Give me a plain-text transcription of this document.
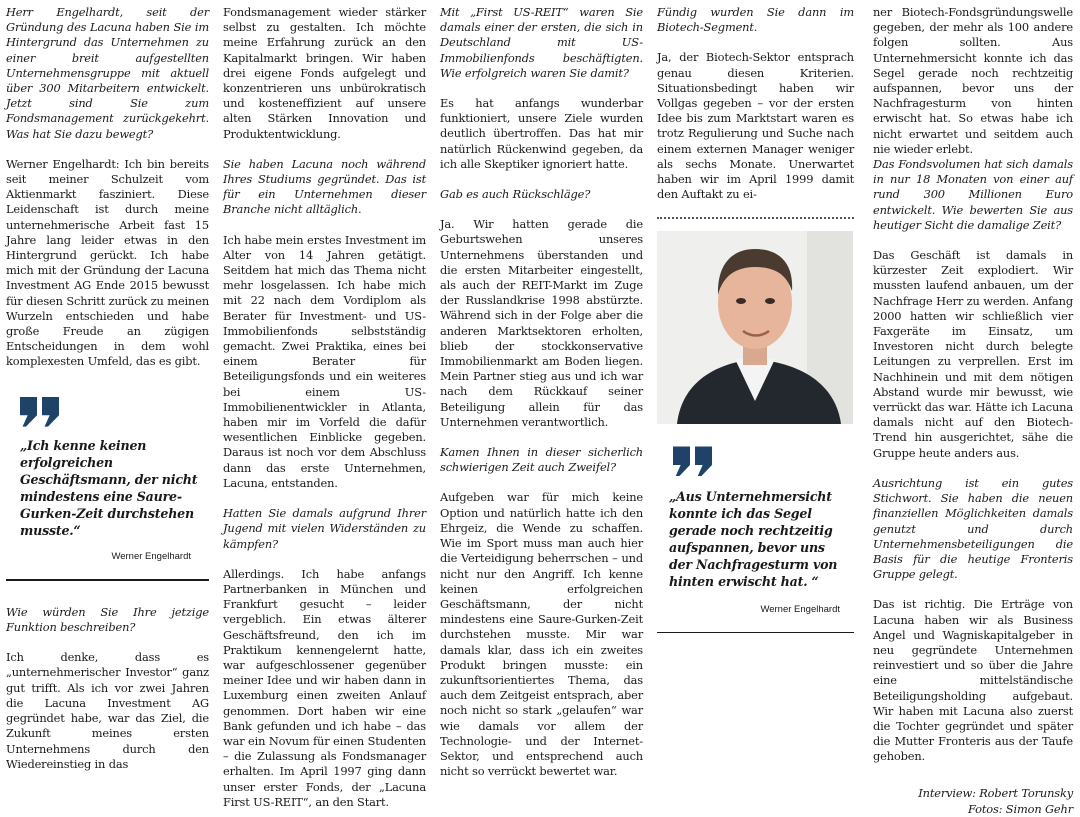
Herr Engelhardt, seit der Gründung des Lacuna haben Sie im Hintergrund das Unternehmen zu einer breit aufgestellten Unternehmensgruppe mit aktuell über 300 Mitarbeitern entwickelt. Jetzt sind Sie zum Fondsmanagement zurückgekehrt. Was hat Sie dazu bewegt?

Werner Engelhardt: Ich bin bereits seit meiner Schulzeit vom Aktienmarkt fasziniert. Diese Leidenschaft ist durch meine unternehmerische Arbeit fast 15 Jahre lang leider etwas in den Hintergrund gerückt. Ich habe mich mit der Gründung der Lacuna Investment AG Ende 2015 bewusst für diesen Schritt zurück zu meinen Wurzeln entschieden und habe große Freude an zügigen Entscheidungen in dem wohl komplexesten Umfeld, das es gibt.

„Ich kenne keinen erfolgreichen Geschäftsmann, der nicht mindestens eine Saure-Gurken-Zeit durchstehen musste.“
Werner Engelhardt

Wie würden Sie Ihre jetzige Funktion beschreiben?

Ich denke, dass es „unternehmerischer Investor“ ganz gut trifft. Als ich vor zwei Jahren die Lacuna Investment AG gegründet habe, war das Ziel, die Zukunft meines ersten Unternehmens durch den Wiedereinstieg in das

Fondsmanagement wieder stärker selbst zu gestalten. Ich möchte meine Erfahrung zurück an den Kapitalmarkt bringen. Wir haben drei eigene Fonds aufgelegt und konzentrieren uns unbürokratisch und kosteneffizient auf unsere alten Stärken Innovation und Produktentwicklung.

Sie haben Lacuna noch während Ihres Studiums gegründet. Das ist für ein Unternehmen dieser Branche nicht alltäglich.

Ich habe mein erstes Investment im Alter von 14 Jahren getätigt. Seitdem hat mich das Thema nicht mehr losgelassen. Ich habe mich mit 22 nach dem Vordiplom als Berater für Investment- und US-Immobilienfonds selbstständig gemacht. Zwei Praktika, eines bei einem Berater für Beteiligungsfonds und ein weiteres bei einem US-Immobilienentwickler in Atlanta, haben mir im Vorfeld die dafür wesentlichen Einblicke gegeben. Daraus ist noch vor dem Abschluss dann das erste Unternehmen, Lacuna, entstanden.

Hatten Sie damals aufgrund Ihrer Jugend mit vielen Widerständen zu kämpfen?

Allerdings. Ich habe anfangs Partnerbanken in München und Frankfurt gesucht – leider vergeblich. Ein etwas älterer Geschäftsfreund, den ich im Praktikum kennengelernt hatte, war aufgeschlossener gegenüber meiner Idee und wir haben dann in Luxemburg einen zweiten Anlauf genommen. Dort haben wir eine Bank gefunden und ich habe – das war ein Novum für einen Studenten – die Zulassung als Fondsmanager erhalten. Im April 1997 ging dann unser erster Fonds, der „Lacuna First US-REIT“, an den Start.

Mit „First US-REIT“ waren Sie damals einer der ersten, die sich in Deutschland mit US-Immobilienfonds beschäftigten. Wie erfolgreich waren Sie damit?

Es hat anfangs wunderbar funktioniert, unsere Ziele wurden deutlich übertroffen. Das hat mir natürlich Rückenwind gegeben, da ich alle Skeptiker ignoriert hatte.

Gab es auch Rückschläge?

Ja. Wir hatten gerade die Geburtswehen unseres Unternehmens überstanden und die ersten Mitarbeiter eingestellt, als auch der REIT-Markt im Zuge der Russlandkrise 1998 abstürzte. Während sich in der Folge aber die anderen Marktsektoren erholten, blieb der stockkonservative Immobilienmarkt am Boden liegen. Mein Partner stieg aus und ich war nach dem Rückkauf seiner Beteiligung allein für das Unternehmen verantwortlich.

Kamen Ihnen in dieser sicherlich schwierigen Zeit auch Zweifel?

Aufgeben war für mich keine Option und natürlich hatte ich den Ehrgeiz, die Wende zu schaffen. Wie im Sport muss man auch hier die Verteidigung beherrschen – und nicht nur den Angriff. Ich kenne keinen erfolgreichen Geschäftsmann, der nicht mindestens eine Saure-Gurken-Zeit durchstehen musste. Mir war damals klar, dass ich ein zweites Produkt bringen musste: ein zukunftsorientiertes Thema, das auch dem Zeitgeist entsprach, aber noch nicht so stark „gelaufen“ war wie damals vor allem der Technologie- und der Internet-Sektor, und entsprechend auch nicht so verrückt bewertet war.

Fündig wurden Sie dann im Biotech-Segment.

Ja, der Biotech-Sektor entsprach genau diesen Kriterien. Situationsbedingt haben wir Vollgas gegeben – vor der ersten Idee bis zum Marktstart waren es trotz Regulierung und Suche nach einem externen Manager weniger als sechs Monate. Unerwartet haben wir im April 1999 damit den Auftakt zu ei-

„Aus Unternehmersicht konnte ich das Segel gerade noch rechtzeitig aufspannen, bevor uns der Nachfragesturm von hinten erwischt hat. “
Werner Engelhardt

ner Biotech-Fondsgründungswelle gegeben, der mehr als 100 andere folgen sollten. Aus Unternehmersicht konnte ich das Segel gerade noch rechtzeitig aufspannen, bevor uns der Nachfragesturm von hinten erwischt hat. So etwas habe ich nicht erwartet und seitdem auch nie wieder erlebt.

Das Fondsvolumen hat sich damals in nur 18 Monaten von einer auf rund 300 Millionen Euro entwickelt. Wie bewerten Sie aus heutiger Sicht die damalige Zeit?

Das Geschäft ist damals in kürzester Zeit explodiert. Wir mussten laufend anbauen, um der Nachfrage Herr zu werden. Anfang 2000 hatten wir schließlich vier Faxgeräte im Einsatz, um Investoren nicht durch belegte Leitungen zu verprellen. Erst im Nachhinein und mit dem nötigen Abstand wurde mir bewusst, wie verrückt das war. Hätte ich Lacuna damals nicht auf den Biotech-Trend hin ausgerichtet, sähe die Gruppe heute anders aus.

Ausrichtung ist ein gutes Stichwort. Sie haben die neuen finanziellen Möglichkeiten damals genutzt und durch Unternehmensbeteiligungen die Basis für die heutige Fronteris Gruppe gelegt.

Das ist richtig. Die Erträge von Lacuna haben wir als Business Angel und Wagniskapitalgeber in neu gegründete Unternehmen reinvestiert und so über die Jahre eine mittelständische Beteiligungsholding aufgebaut. Wir haben mit Lacuna also zuerst die Tochter gegründet und später die Mutter Fronteris aus der Taufe gehoben.

Interview: Robert Torunsky
Fotos: Simon Gehr
